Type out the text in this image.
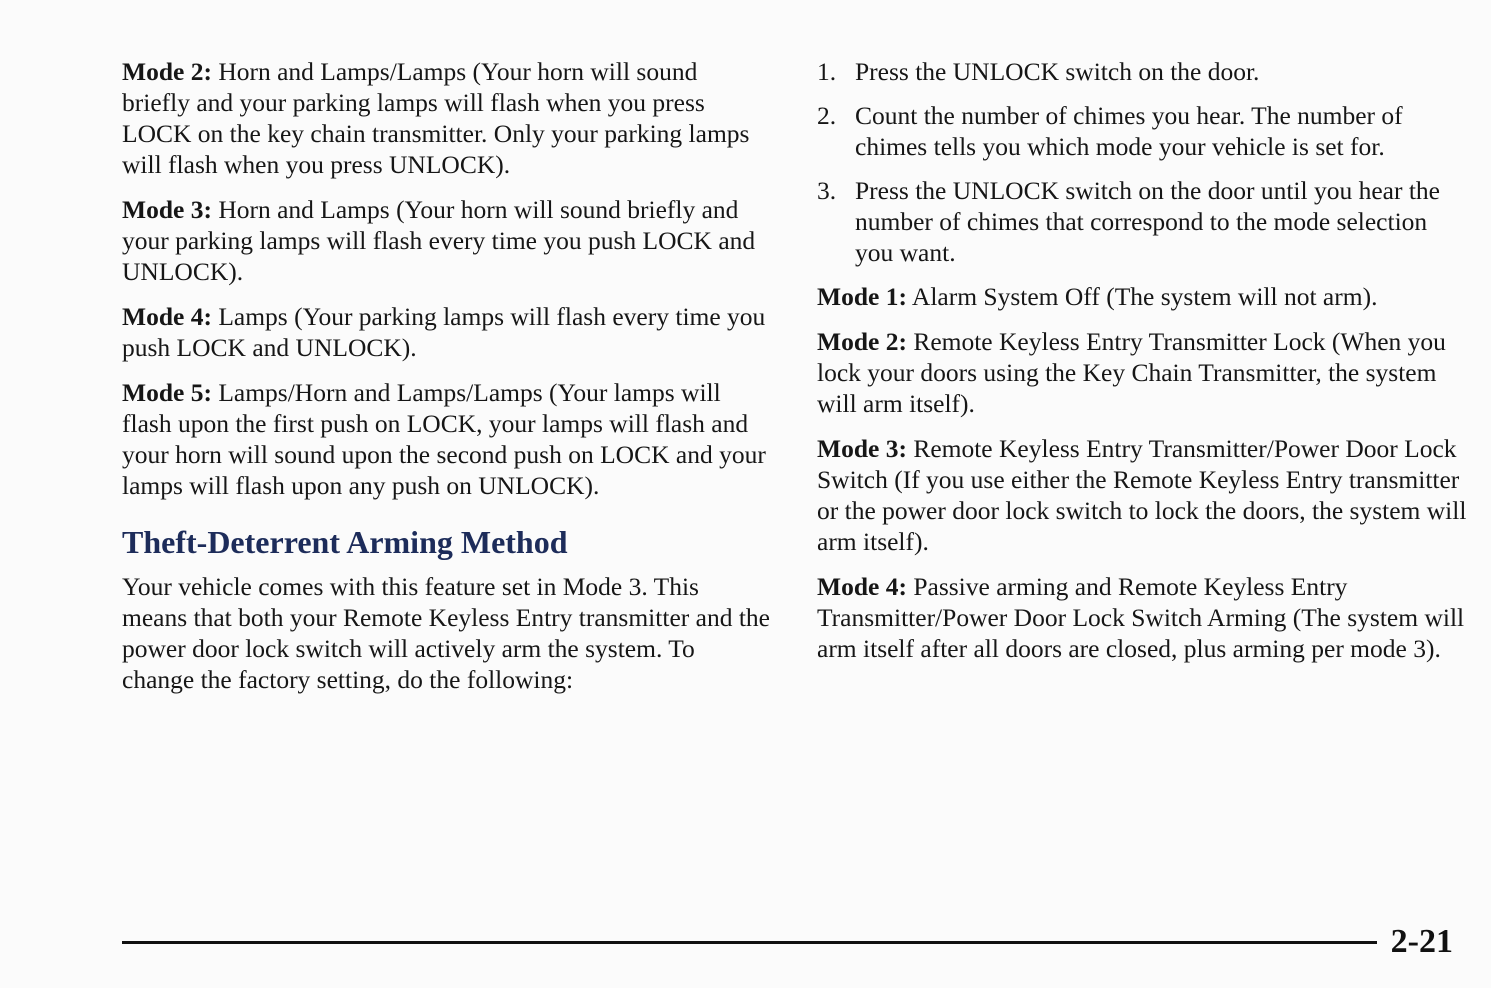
Mode 2: Horn and Lamps/Lamps (Your horn will sound briefly and your parking lamps will flash when you press LOCK on the key chain transmitter. Only your parking lamps will flash when you press UNLOCK).

Mode 3: Horn and Lamps (Your horn will sound briefly and your parking lamps will flash every time you push LOCK and UNLOCK).

Mode 4: Lamps (Your parking lamps will flash every time you push LOCK and UNLOCK).

Mode 5: Lamps/Horn and Lamps/Lamps (Your lamps will flash upon the first push on LOCK, your lamps will flash and your horn will sound upon the second push on LOCK and your lamps will flash upon any push on UNLOCK).

Theft-Deterrent Arming Method

Your vehicle comes with this feature set in Mode 3. This means that both your Remote Keyless Entry transmitter and the power door lock switch will actively arm the system. To change the factory setting, do the following:

1. Press the UNLOCK switch on the door.
2. Count the number of chimes you hear. The number of chimes tells you which mode your vehicle is set for.
3. Press the UNLOCK switch on the door until you hear the number of chimes that correspond to the mode selection you want.

Mode 1: Alarm System Off (The system will not arm).

Mode 2: Remote Keyless Entry Transmitter Lock (When you lock your doors using the Key Chain Transmitter, the system will arm itself).

Mode 3: Remote Keyless Entry Transmitter/Power Door Lock Switch (If you use either the Remote Keyless Entry transmitter or the power door lock switch to lock the doors, the system will arm itself).

Mode 4: Passive arming and Remote Keyless Entry Transmitter/Power Door Lock Switch Arming (The system will arm itself after all doors are closed, plus arming per mode 3).

2-21
